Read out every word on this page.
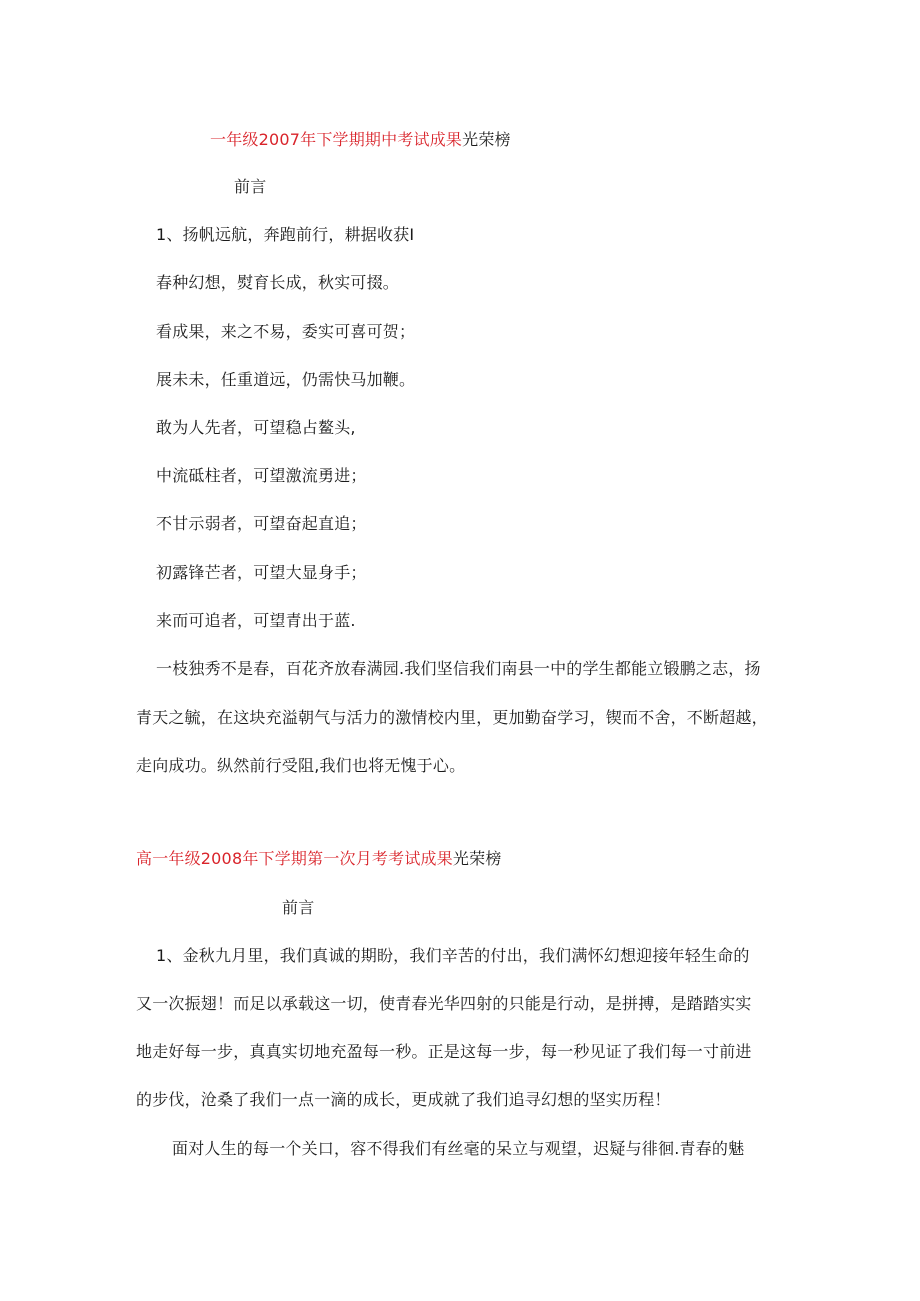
一年级2007年下学期期中考试成果光荣榜
前言
1、扬帆远航，奔跑前行，耕据收获I
春种幻想，熨育长成，秋实可掇。
看成果，来之不易，委实可喜可贺；
展未未，任重道远，仍需快马加鞭。
敢为人先者，可望稳占鳌头,
中流砥柱者，可望激流勇进；
不甘示弱者，可望奋起直追；
初露锋芒者，可望大显身手；
来而可追者，可望青出于蓝.
一枝独秀不是春，百花齐放春满园.我们坚信我们南县一中的学生都能立锻鹏之志，扬
青天之毓，在这块充溢朝气与活力的激情校内里，更加勤奋学习，锲而不舍，不断超越，
走向成功。纵然前行受阻,我们也将无愧于心。
高一年级2008年下学期第一次月考考试成果光荣榜
前言
1、金秋九月里，我们真诚的期盼，我们辛苦的付出，我们满怀幻想迎接年轻生命的
又一次振翅！而足以承载这一切，使青春光华四射的只能是行动，是拼搏，是踏踏实实
地走好每一步，真真实切地充盈每一秒。正是这每一步，每一秒见证了我们每一寸前进
的步伐，沧桑了我们一点一滴的成长，更成就了我们追寻幻想的坚实历程！
面对人生的每一个关口，容不得我们有丝毫的呆立与观望，迟疑与徘徊.青春的魅
